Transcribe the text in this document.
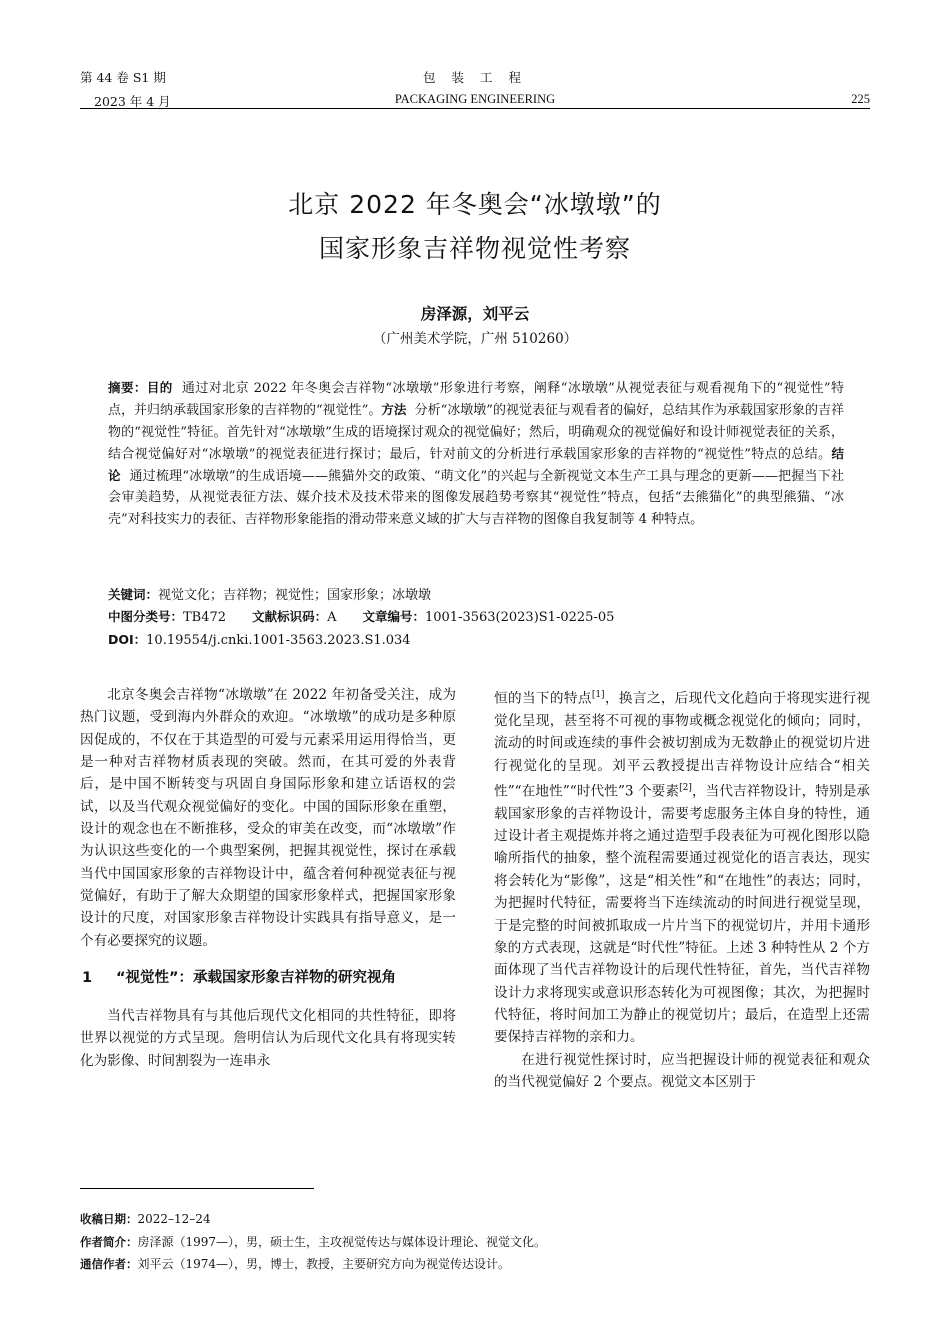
第 44 卷 S1 期
2023 年 4 月
包 装 工 程
PACKAGING ENGINEERING	225
北京 2022 年冬奥会“冰墩墩”的
国家形象吉祥物视觉性考察
房泽源，刘平云
（广州美术学院，广州 510260）
摘要：目的 通过对北京 2022 年冬奥会吉祥物“冰墩墩”形象进行考察，阐释“冰墩墩”从视觉表征与观看视角下的“视觉性”特点，并归纳承载国家形象的吉祥物的“视觉性”。方法 分析“冰墩墩”的视觉表征与观看者的偏好，总结其作为承载国家形象的吉祥物的“视觉性”特征。首先针对“冰墩墩”生成的语境探讨观众的视觉偏好；然后，明确观众的视觉偏好和设计师视觉表征的关系，结合视觉偏好对“冰墩墩”的视觉表征进行探讨；最后，针对前文的分析进行承载国家形象的吉祥物的“视觉性”特点的总结。结论 通过梳理“冰墩墩”的生成语境——熊猫外交的政策、“萌文化”的兴起与全新视觉文本生产工具与理念的更新——把握当下社会审美趋势，从视觉表征方法、媒介技术及技术带来的图像发展趋势考察其“视觉性”特点，包括“去熊猫化”的典型熊猫、“冰壳”对科技实力的表征、吉祥物形象能指的滑动带来意义域的扩大与吉祥物的图像自我复制等 4 种特点。
关键词：视觉文化；吉祥物；视觉性；国家形象；冰墩墩
中图分类号：TB472 文献标识码：A 文章编号：1001-3563(2023)S1-0225-05
DOI：10.19554/j.cnki.1001-3563.2023.S1.034

北京冬奥会吉祥物“冰墩墩”在 2022 年初备受关注，成为热门议题，受到海内外群众的欢迎。“冰墩墩”的成功是多种原因促成的，不仅在于其造型的可爱与元素采用运用得恰当，更是一种对吉祥物材质表现的突破。然而，在其可爱的外表背后，是中国不断转变与巩固自身国际形象和建立话语权的尝试，以及当代观众视觉偏好的变化。中国的国际形象在重塑，设计的观念也在不断推移，受众的审美在改变，而“冰墩墩”作为认识这些变化的一个典型案例，把握其视觉性，探讨在承载当代中国国家形象的吉祥物设计中，蕴含着何种视觉表征与视觉偏好，有助于了解大众期望的国家形象样式，把握国家形象设计的尺度，对国家形象吉祥物设计实践具有指导意义，是一个有必要探究的议题。

1 “视觉性”：承载国家形象吉祥物的研究视角

当代吉祥物具有与其他后现代文化相同的共性特征，即将世界以视觉的方式呈现。詹明信认为后现代文化具有将现实转化为影像、时间割裂为一连串永

恒的当下的特点[1]，换言之，后现代文化趋向于将现实进行视觉化呈现，甚至将不可视的事物或概念视觉化的倾向；同时，流动的时间或连续的事件会被切割成为无数静止的视觉切片进行视觉化的呈现。刘平云教授提出吉祥物设计应结合“相关性”“在地性”“时代性”3 个要素[2]，当代吉祥物设计，特别是承载国家形象的吉祥物设计，需要考虑服务主体自身的特性，通过设计者主观提炼并将之通过造型手段表征为可视化图形以隐喻所指代的抽象，整个流程需要通过视觉化的语言表达，现实将会转化为“影像”，这是“相关性”和“在地性”的表达；同时，为把握时代特征，需要将当下连续流动的时间进行视觉呈现，于是完整的时间被抓取成一片片当下的视觉切片，并用卡通形象的方式表现，这就是“时代性”特征。上述 3 种特性从 2 个方面体现了当代吉祥物设计的后现代性特征，首先，当代吉祥物设计力求将现实或意识形态转化为可视图像；其次，为把握时代特征，将时间加工为静止的视觉切片；最后，在造型上还需要保持吉祥物的亲和力。

在进行视觉性探讨时，应当把握设计师的视觉表征和观众的当代视觉偏好 2 个要点。视觉文本区别于

收稿日期：2022–12–24
作者简介：房泽源（1997—），男，硕士生，主攻视觉传达与媒体设计理论、视觉文化。
通信作者：刘平云（1974—），男，博士，教授，主要研究方向为视觉传达设计。
